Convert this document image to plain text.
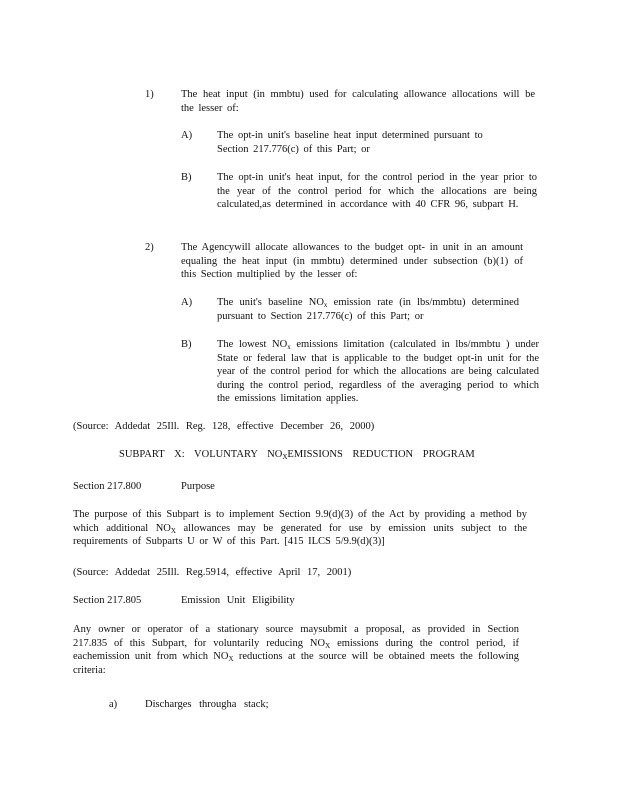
1)	The heat input (in mmbtu) used for calculating allowance allocations will be the lesser of:

A) The opt-in unit's baseline heat input determined pursuant to Section 217.776(c) of this Part; or

B) The opt-in unit's heat input, for the control period in the year prior to the year of the control period for which the allocations are being calculated,as determined in accordance with 40 CFR 96, subpart H.

2)	The Agencywill allocate allowances to the budget opt- in unit in an amount equaling the heat input (in mmbtu) determined under subsection (b)(1) of this Section multiplied by the lesser of:

A) The unit's baseline $NO_x$ emission rate (in lbs/mmbtu) determined pursuant to Section 217.776(c) of this Part; or

B) The lowest $NO_x$ emissions limitation (calculated in lbs/mmbtu ) under State or federal law that is applicable to the budget opt-in unit for the year of the control period for which the allocations are being calculated during the control period, regardless of the averaging period to which the emissions limitation applies.

(Source: Addedat 25Ill. Reg. 128, effective December 26, 2000)

SUBPART X: VOLUNTARY $NO_XEMISSIONS$ REDUCTION PROGRAM

Section 217.800	Purpose

The purpose of this Subpart is to implement Section 9.9(d)(3) of the Act by providing a method by which additional $NO_X$ allowances may be generated for use by emission units subject to the requirements of Subparts U or W of this Part. [415 ILCS 5/9.9(d)(3)]

(Source: Addedat 25Ill. Reg.5914, effective April 17, 2001)

Section 217.805	Emission Unit Eligibility

Any owner or operator of a stationary source maysubmit a proposal, as provided in Section 217.835 of this Subpart, for voluntarily reducing $NO_X$ emissions during the control period, if eachemission unit from which $NO_X$ reductions at the source will be obtained meets the following criteria:

a)	Discharges througha stack;
